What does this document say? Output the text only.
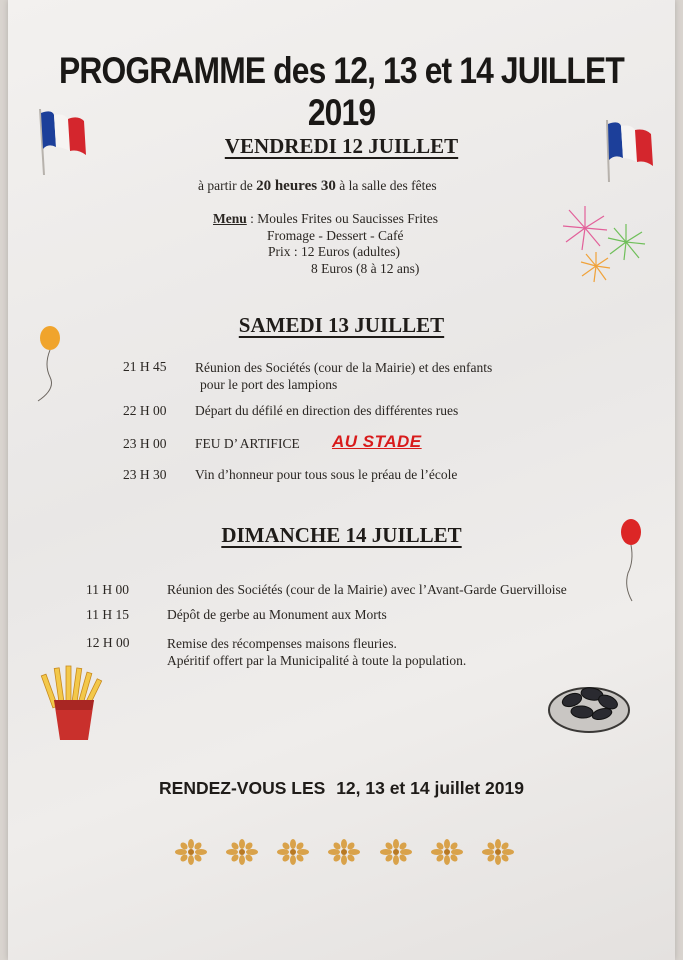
PROGRAMME des 12, 13 et 14 JUILLET 2019
VENDREDI 12 JUILLET
à partir de 20 heures 30 à la salle des fêtes
Menu : Moules Frites ou Saucisses Frites
Fromage - Dessert - Café
Prix : 12 Euros (adultes)
8 Euros (8 à 12 ans)
SAMEDI 13 JUILLET
21 H 45	Réunion des Sociétés (cour de la Mairie) et des enfants
pour le port des lampions
22 H 00	Départ du défilé en direction des différentes rues
23 H 00	FEU D’ ARTIFICE AU STADE
23 H 30	Vin d’honneur pour tous sous le préau de l’école
DIMANCHE 14 JUILLET
11 H 00	Réunion des Sociétés (cour de la Mairie) avec l’Avant-Garde Guervilloise
11 H 15	Dépôt de gerbe au Monument aux Morts
12 H 00	Remise des récompenses maisons fleuries.
Apéritif offert par la Municipalité à toute la population.
RENDEZ-VOUS LES 12, 13 et 14 juillet 2019
